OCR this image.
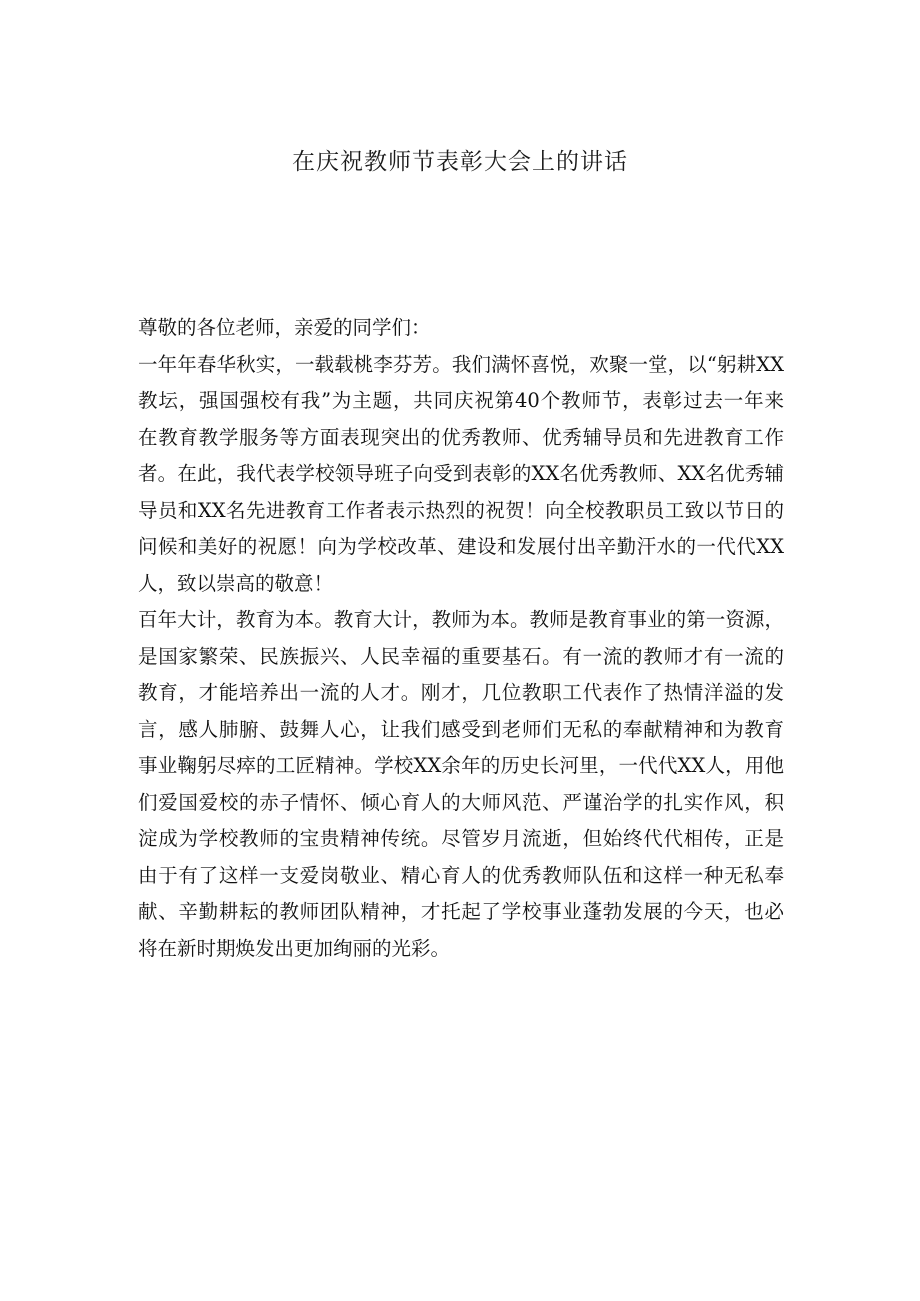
在庆祝教师节表彰大会上的讲话

尊敬的各位老师，亲爱的同学们：

一年年春华秋实，一载载桃李芬芳。我们满怀喜悦，欢聚一堂，以“躬耕XX
教坛，强国强校有我”为主题，共同庆祝第40个教师节，表彰过去一年来
在教育教学服务等方面表现突出的优秀教师、优秀辅导员和先进教育工作
者。在此，我代表学校领导班子向受到表彰的XX名优秀教师、XX名优秀辅
导员和XX名先进教育工作者表示热烈的祝贺！向全校教职员工致以节日的
问候和美好的祝愿！向为学校改革、建设和发展付出辛勤汗水的一代代XX
人，致以崇高的敬意！

百年大计，教育为本。教育大计，教师为本。教师是教育事业的第一资源，
是国家繁荣、民族振兴、人民幸福的重要基石。有一流的教师才有一流的
教育，才能培养出一流的人才。刚才，几位教职工代表作了热情洋溢的发
言，感人肺腑、鼓舞人心，让我们感受到老师们无私的奉献精神和为教育
事业鞠躬尽瘁的工匠精神。学校XX余年的历史长河里，一代代XX人，用他
们爱国爱校的赤子情怀、倾心育人的大师风范、严谨治学的扎实作风，积
淀成为学校教师的宝贵精神传统。尽管岁月流逝，但始终代代相传，正是
由于有了这样一支爱岗敬业、精心育人的优秀教师队伍和这样一种无私奉
献、辛勤耕耘的教师团队精神，才托起了学校事业蓬勃发展的今天，也必
将在新时期焕发出更加绚丽的光彩。
